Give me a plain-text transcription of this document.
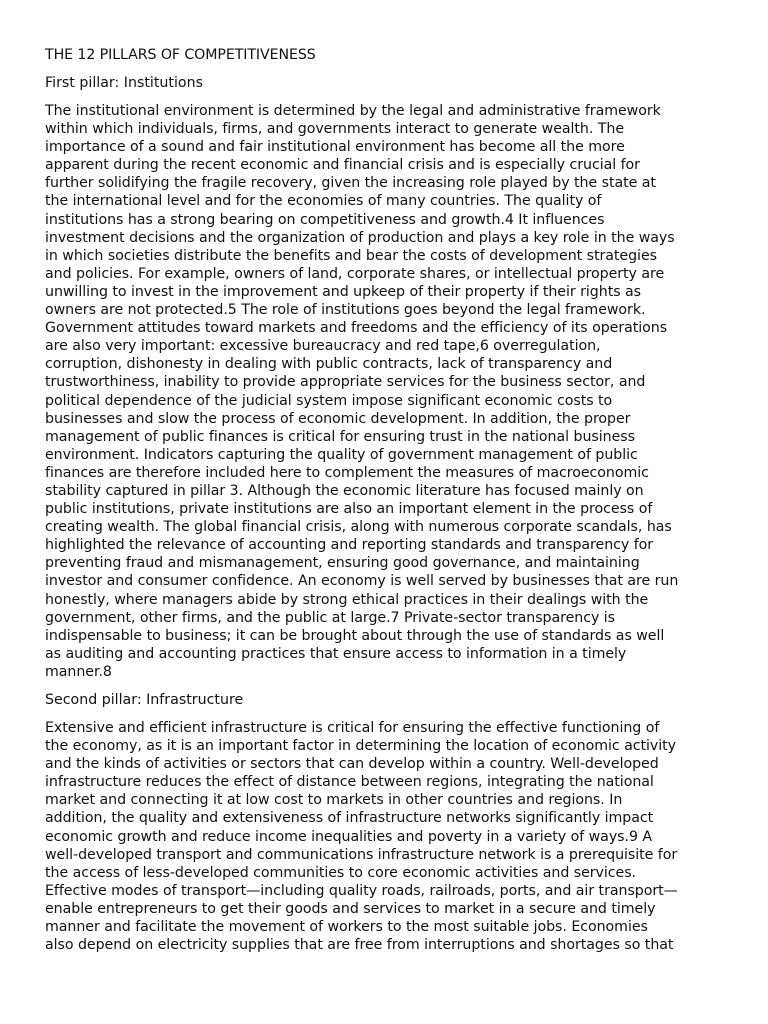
THE 12 PILLARS OF COMPETITIVENESS
First pillar: Institutions
The institutional environment is determined by the legal and administrative framework
within which individuals, firms, and governments interact to generate wealth. The
importance of a sound and fair institutional environment has become all the more
apparent during the recent economic and financial crisis and is especially crucial for
further solidifying the fragile recovery, given the increasing role played by the state at
the international level and for the economies of many countries. The quality of
institutions has a strong bearing on competitiveness and growth.4 It influences
investment decisions and the organization of production and plays a key role in the ways
in which societies distribute the benefits and bear the costs of development strategies
and policies. For example, owners of land, corporate shares, or intellectual property are
unwilling to invest in the improvement and upkeep of their property if their rights as
owners are not protected.5 The role of institutions goes beyond the legal framework.
Government attitudes toward markets and freedoms and the efficiency of its operations
are also very important: excessive bureaucracy and red tape,6 overregulation,
corruption, dishonesty in dealing with public contracts, lack of transparency and
trustworthiness, inability to provide appropriate services for the business sector, and
political dependence of the judicial system impose significant economic costs to
businesses and slow the process of economic development. In addition, the proper
management of public finances is critical for ensuring trust in the national business
environment. Indicators capturing the quality of government management of public
finances are therefore included here to complement the measures of macroeconomic
stability captured in pillar 3. Although the economic literature has focused mainly on
public institutions, private institutions are also an important element in the process of
creating wealth. The global financial crisis, along with numerous corporate scandals, has
highlighted the relevance of accounting and reporting standards and transparency for
preventing fraud and mismanagement, ensuring good governance, and maintaining
investor and consumer confidence. An economy is well served by businesses that are run
honestly, where managers abide by strong ethical practices in their dealings with the
government, other firms, and the public at large.7 Private-sector transparency is
indispensable to business; it can be brought about through the use of standards as well
as auditing and accounting practices that ensure access to information in a timely
manner.8
Second pillar: Infrastructure
Extensive and efficient infrastructure is critical for ensuring the effective functioning of
the economy, as it is an important factor in determining the location of economic activity
and the kinds of activities or sectors that can develop within a country. Well-developed
infrastructure reduces the effect of distance between regions, integrating the national
market and connecting it at low cost to markets in other countries and regions. In
addition, the quality and extensiveness of infrastructure networks significantly impact
economic growth and reduce income inequalities and poverty in a variety of ways.9 A
well-developed transport and communications infrastructure network is a prerequisite for
the access of less-developed communities to core economic activities and services.
Effective modes of transport—including quality roads, railroads, ports, and air transport—
enable entrepreneurs to get their goods and services to market in a secure and timely
manner and facilitate the movement of workers to the most suitable jobs. Economies
also depend on electricity supplies that are free from interruptions and shortages so that
